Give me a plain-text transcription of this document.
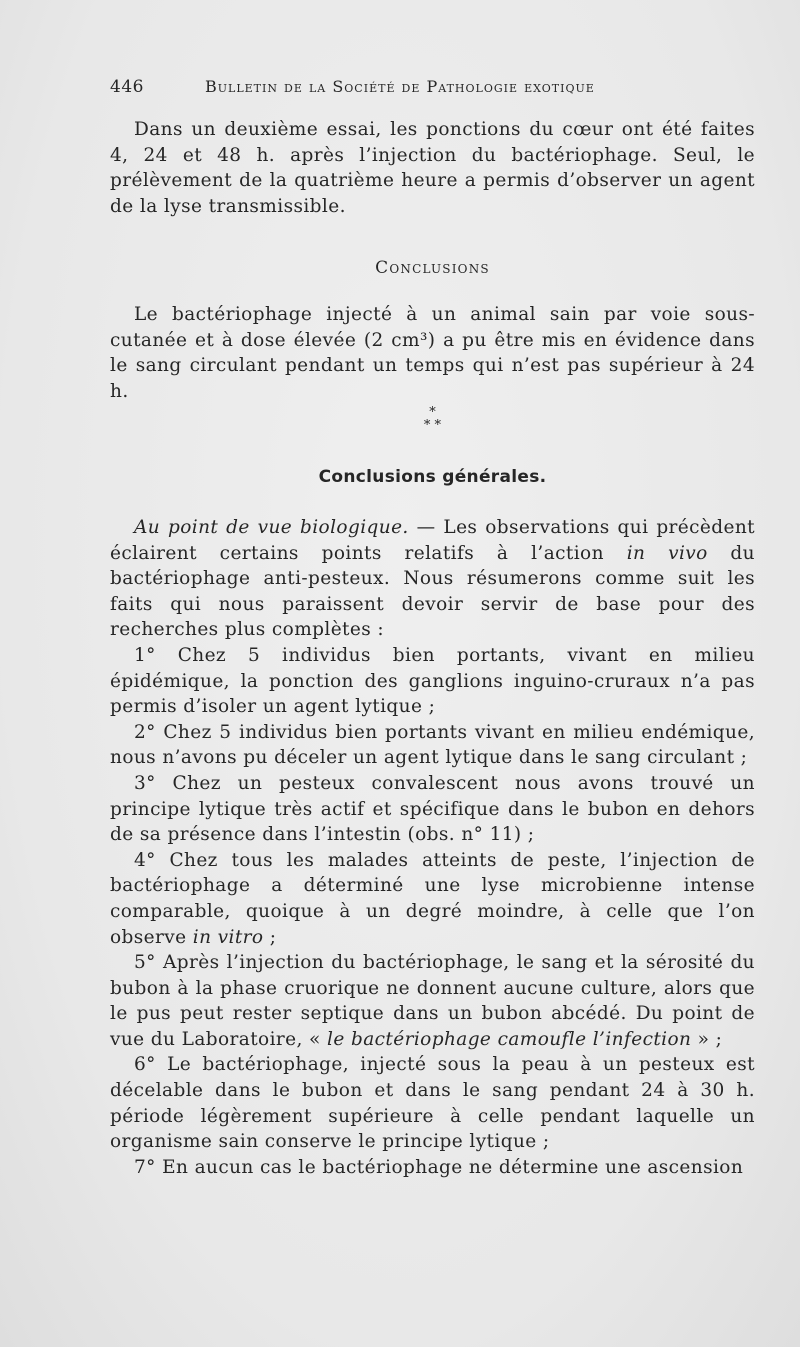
446	Bulletin de la Société de Pathologie exotique

Dans un deuxième essai, les ponctions du cœur ont été faites 4, 24 et 48 h. après l’injection du bactériophage. Seul, le prélèvement de la quatrième heure a permis d’observer un agent de la lyse transmissible.

Conclusions

Le bactériophage injecté à un animal sain par voie sous-cutanée et à dose élevée (2 cm³) a pu être mis en évidence dans le sang circulant pendant un temps qui n’est pas supérieur à 24 h.

*
* *
Conclusions générales.

Au point de vue biologique. — Les observations qui précèdent éclairent certains points relatifs à l’action in vivo du bactériophage anti-pesteux. Nous résumerons comme suit les faits qui nous paraissent devoir servir de base pour des recherches plus complètes :

1° Chez 5 individus bien portants, vivant en milieu épidémique, la ponction des ganglions inguino-cruraux n’a pas permis d’isoler un agent lytique ;

2° Chez 5 individus bien portants vivant en milieu endémique, nous n’avons pu déceler un agent lytique dans le sang circulant ;

3° Chez un pesteux convalescent nous avons trouvé un principe lytique très actif et spécifique dans le bubon en dehors de sa présence dans l’intestin (obs. n° 11) ;

4° Chez tous les malades atteints de peste, l’injection de bactériophage a déterminé une lyse microbienne intense comparable, quoique à un degré moindre, à celle que l’on observe in vitro ;

5° Après l’injection du bactériophage, le sang et la sérosité du bubon à la phase cruorique ne donnent aucune culture, alors que le pus peut rester septique dans un bubon abcédé. Du point de vue du Laboratoire, « le bactériophage camoufle l’infection » ;

6° Le bactériophage, injecté sous la peau à un pesteux est décelable dans le bubon et dans le sang pendant 24 à 30 h. période légèrement supérieure à celle pendant laquelle un organisme sain conserve le principe lytique ;

7° En aucun cas le bactériophage ne détermine une ascension
